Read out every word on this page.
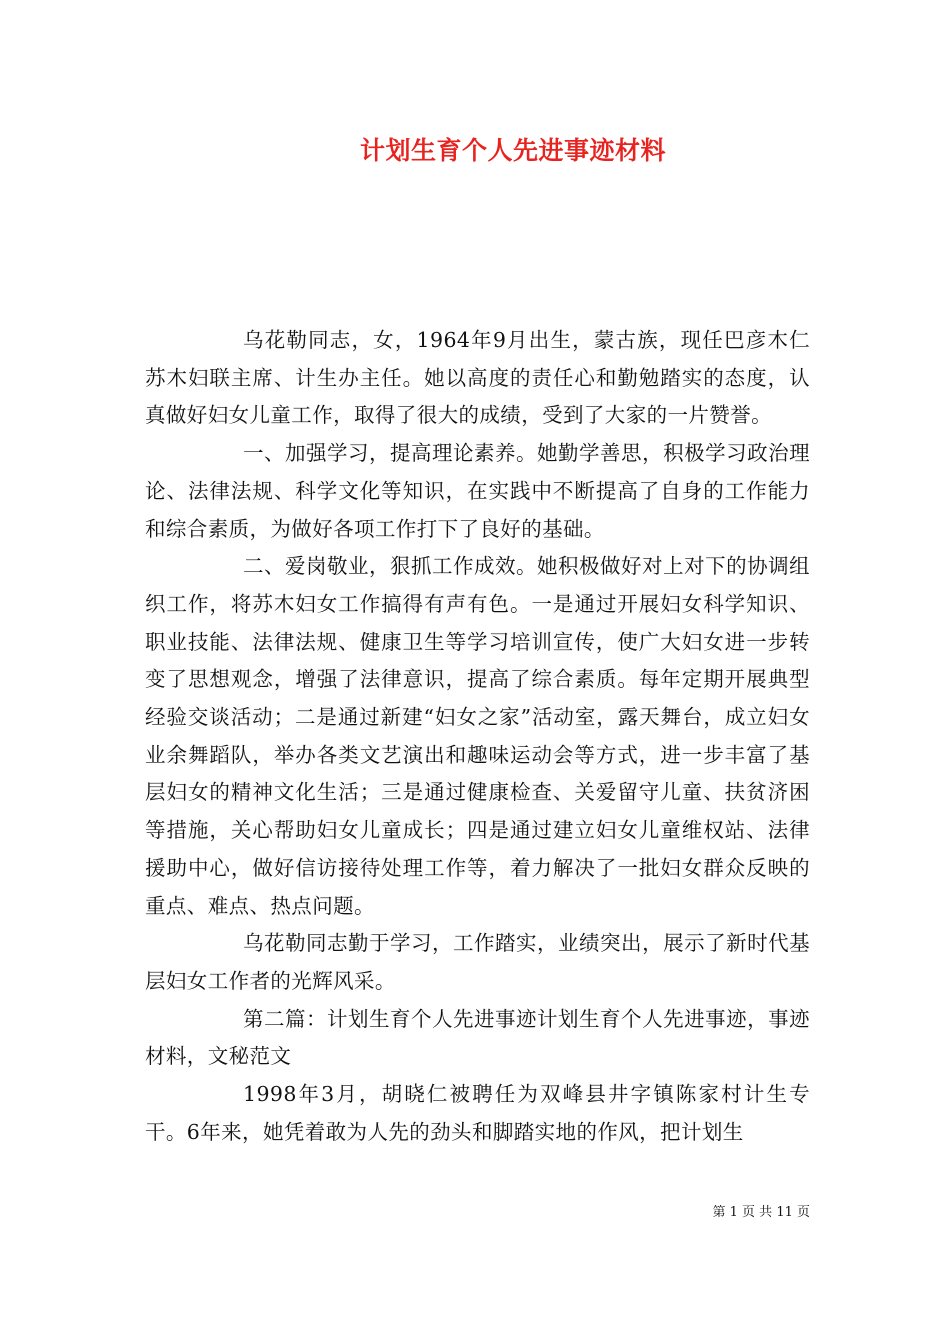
计划生育个人先进事迹材料

乌花勒同志，女，1964年9月出生，蒙古族，现任巴彦木仁苏木妇联主席、计生办主任。她以高度的责任心和勤勉踏实的态度，认真做好妇女儿童工作，取得了很大的成绩，受到了大家的一片赞誉。

一、加强学习，提高理论素养。她勤学善思，积极学习政治理论、法律法规、科学文化等知识，在实践中不断提高了自身的工作能力和综合素质，为做好各项工作打下了良好的基础。

二、爱岗敬业，狠抓工作成效。她积极做好对上对下的协调组织工作，将苏木妇女工作搞得有声有色。一是通过开展妇女科学知识、职业技能、法律法规、健康卫生等学习培训宣传，使广大妇女进一步转变了思想观念，增强了法律意识，提高了综合素质。每年定期开展典型经验交谈活动；二是通过新建“妇女之家”活动室，露天舞台，成立妇女业余舞蹈队，举办各类文艺演出和趣味运动会等方式，进一步丰富了基层妇女的精神文化生活；三是通过健康检查、关爱留守儿童、扶贫济困等措施，关心帮助妇女儿童成长；四是通过建立妇女儿童维权站、法律援助中心，做好信访接待处理工作等，着力解决了一批妇女群众反映的重点、难点、热点问题。

乌花勒同志勤于学习，工作踏实，业绩突出，展示了新时代基层妇女工作者的光辉风采。

第二篇：计划生育个人先进事迹计划生育个人先进事迹，事迹材料，文秘范文

1998年3月，胡晓仁被聘任为双峰县井字镇陈家村计生专干。6年来，她凭着敢为人先的劲头和脚踏实地的作风，把计划生

第 1 页 共 11 页
